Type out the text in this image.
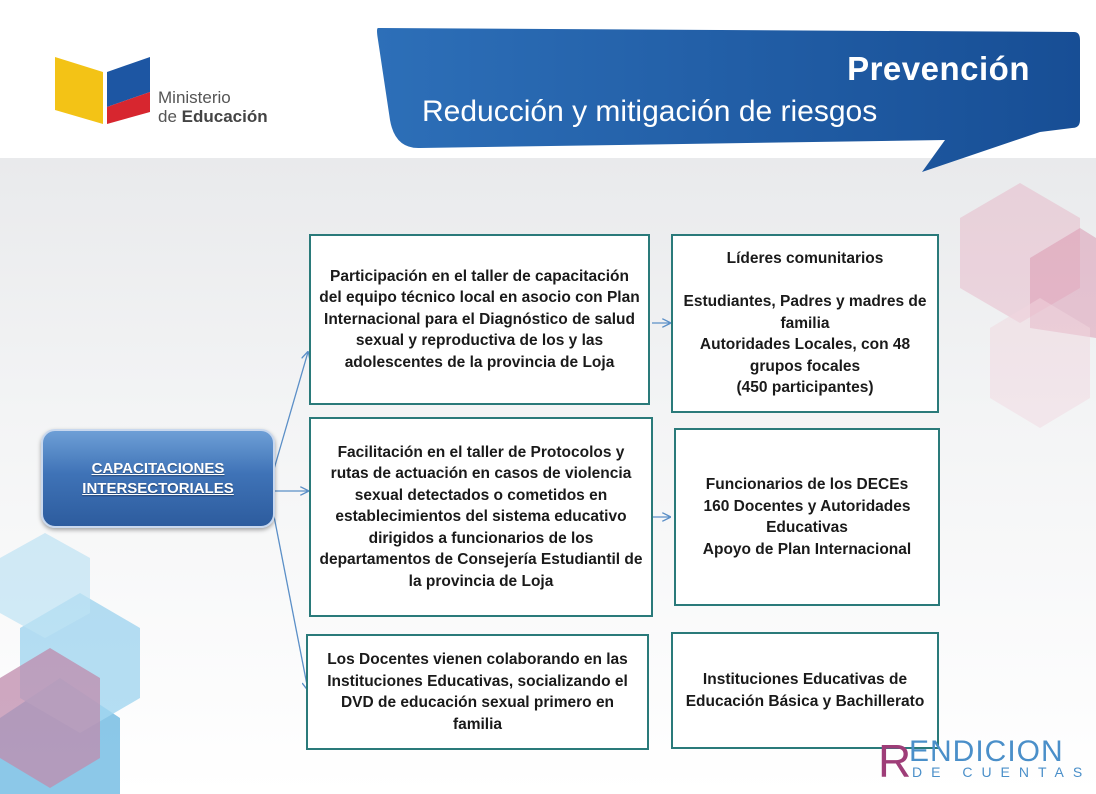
Prevención
Reducción y mitigación de riesgos
Ministerio
de Educación
CAPACITACIONES
INTERSECTORIALES
Participación en el taller de capacitación del equipo técnico local en asocio con Plan Internacional para el Diagnóstico de salud sexual y reproductiva de los y las adolescentes de la provincia de Loja
Facilitación en el taller de Protocolos y rutas de actuación en casos de violencia sexual detectados o cometidos en establecimientos del sistema educativo dirigidos a funcionarios de los departamentos de Consejería Estudiantil de la provincia de Loja
Los Docentes vienen colaborando en las Instituciones Educativas, socializando el DVD de educación sexual primero en familia
Líderes comunitarios

Estudiantes, Padres y madres de familia
Autoridades Locales, con 48 grupos focales
(450 participantes)
Funcionarios de los DECEs
160 Docentes y Autoridades Educativas
Apoyo de Plan Internacional
Instituciones Educativas de Educación Básica y Bachillerato
R
ENDICION
DE CUENTAS
